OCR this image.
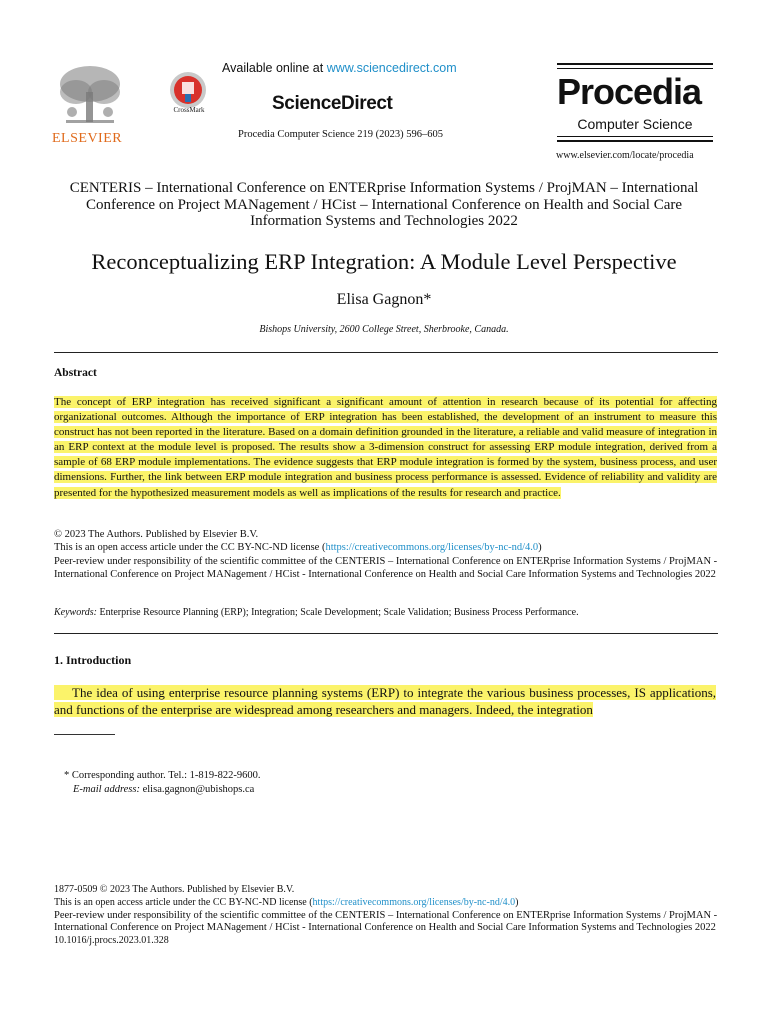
ELSEVIER
CrossMark
Available online at www.sciencedirect.com
ScienceDirect
Procedia Computer Science 219 (2023) 596–605
Procedia
Computer Science
www.elsevier.com/locate/procedia
CENTERIS – International Conference on ENTERprise Information Systems / ProjMAN – International Conference on Project MANagement / HCist – International Conference on Health and Social Care Information Systems and Technologies 2022
Reconceptualizing ERP Integration: A Module Level Perspective
Elisa Gagnon*
Bishops University, 2600 College Street, Sherbrooke, Canada.
Abstract
The concept of ERP integration has received significant a significant amount of attention in research because of its potential for affecting organizational outcomes. Although the importance of ERP integration has been established, the development of an instrument to measure this construct has not been reported in the literature. Based on a domain definition grounded in the literature, a reliable and valid measure of integration in an ERP context at the module level is proposed. The results show a 3-dimension construct for assessing ERP module integration, derived from a sample of 68 ERP module implementations. The evidence suggests that ERP module integration is formed by the system, business process, and user dimensions. Further, the link between ERP module integration and business process performance is assessed. Evidence of reliability and validity are presented for the hypothesized measurement models as well as implications of the results for research and practice.
© 2023 The Authors. Published by Elsevier B.V.
This is an open access article under the CC BY-NC-ND license (https://creativecommons.org/licenses/by-nc-nd/4.0)
Peer-review under responsibility of the scientific committee of the CENTERIS – International Conference on ENTERprise Information Systems / ProjMAN - International Conference on Project MANagement / HCist - International Conference on Health and Social Care Information Systems and Technologies 2022
Keywords: Enterprise Resource Planning (ERP); Integration; Scale Development; Scale Validation; Business Process Performance.
1. Introduction
The idea of using enterprise resource planning systems (ERP) to integrate the various business processes, IS applications, and functions of the enterprise are widespread among researchers and managers. Indeed, the integration
* Corresponding author. Tel.: 1-819-822-9600.
E-mail address: elisa.gagnon@ubishops.ca
1877-0509 © 2023 The Authors. Published by Elsevier B.V.
This is an open access article under the CC BY-NC-ND license (https://creativecommons.org/licenses/by-nc-nd/4.0)
Peer-review under responsibility of the scientific committee of the CENTERIS – International Conference on ENTERprise Information Systems / ProjMAN - International Conference on Project MANagement / HCist - International Conference on Health and Social Care Information Systems and Technologies 2022
10.1016/j.procs.2023.01.328
